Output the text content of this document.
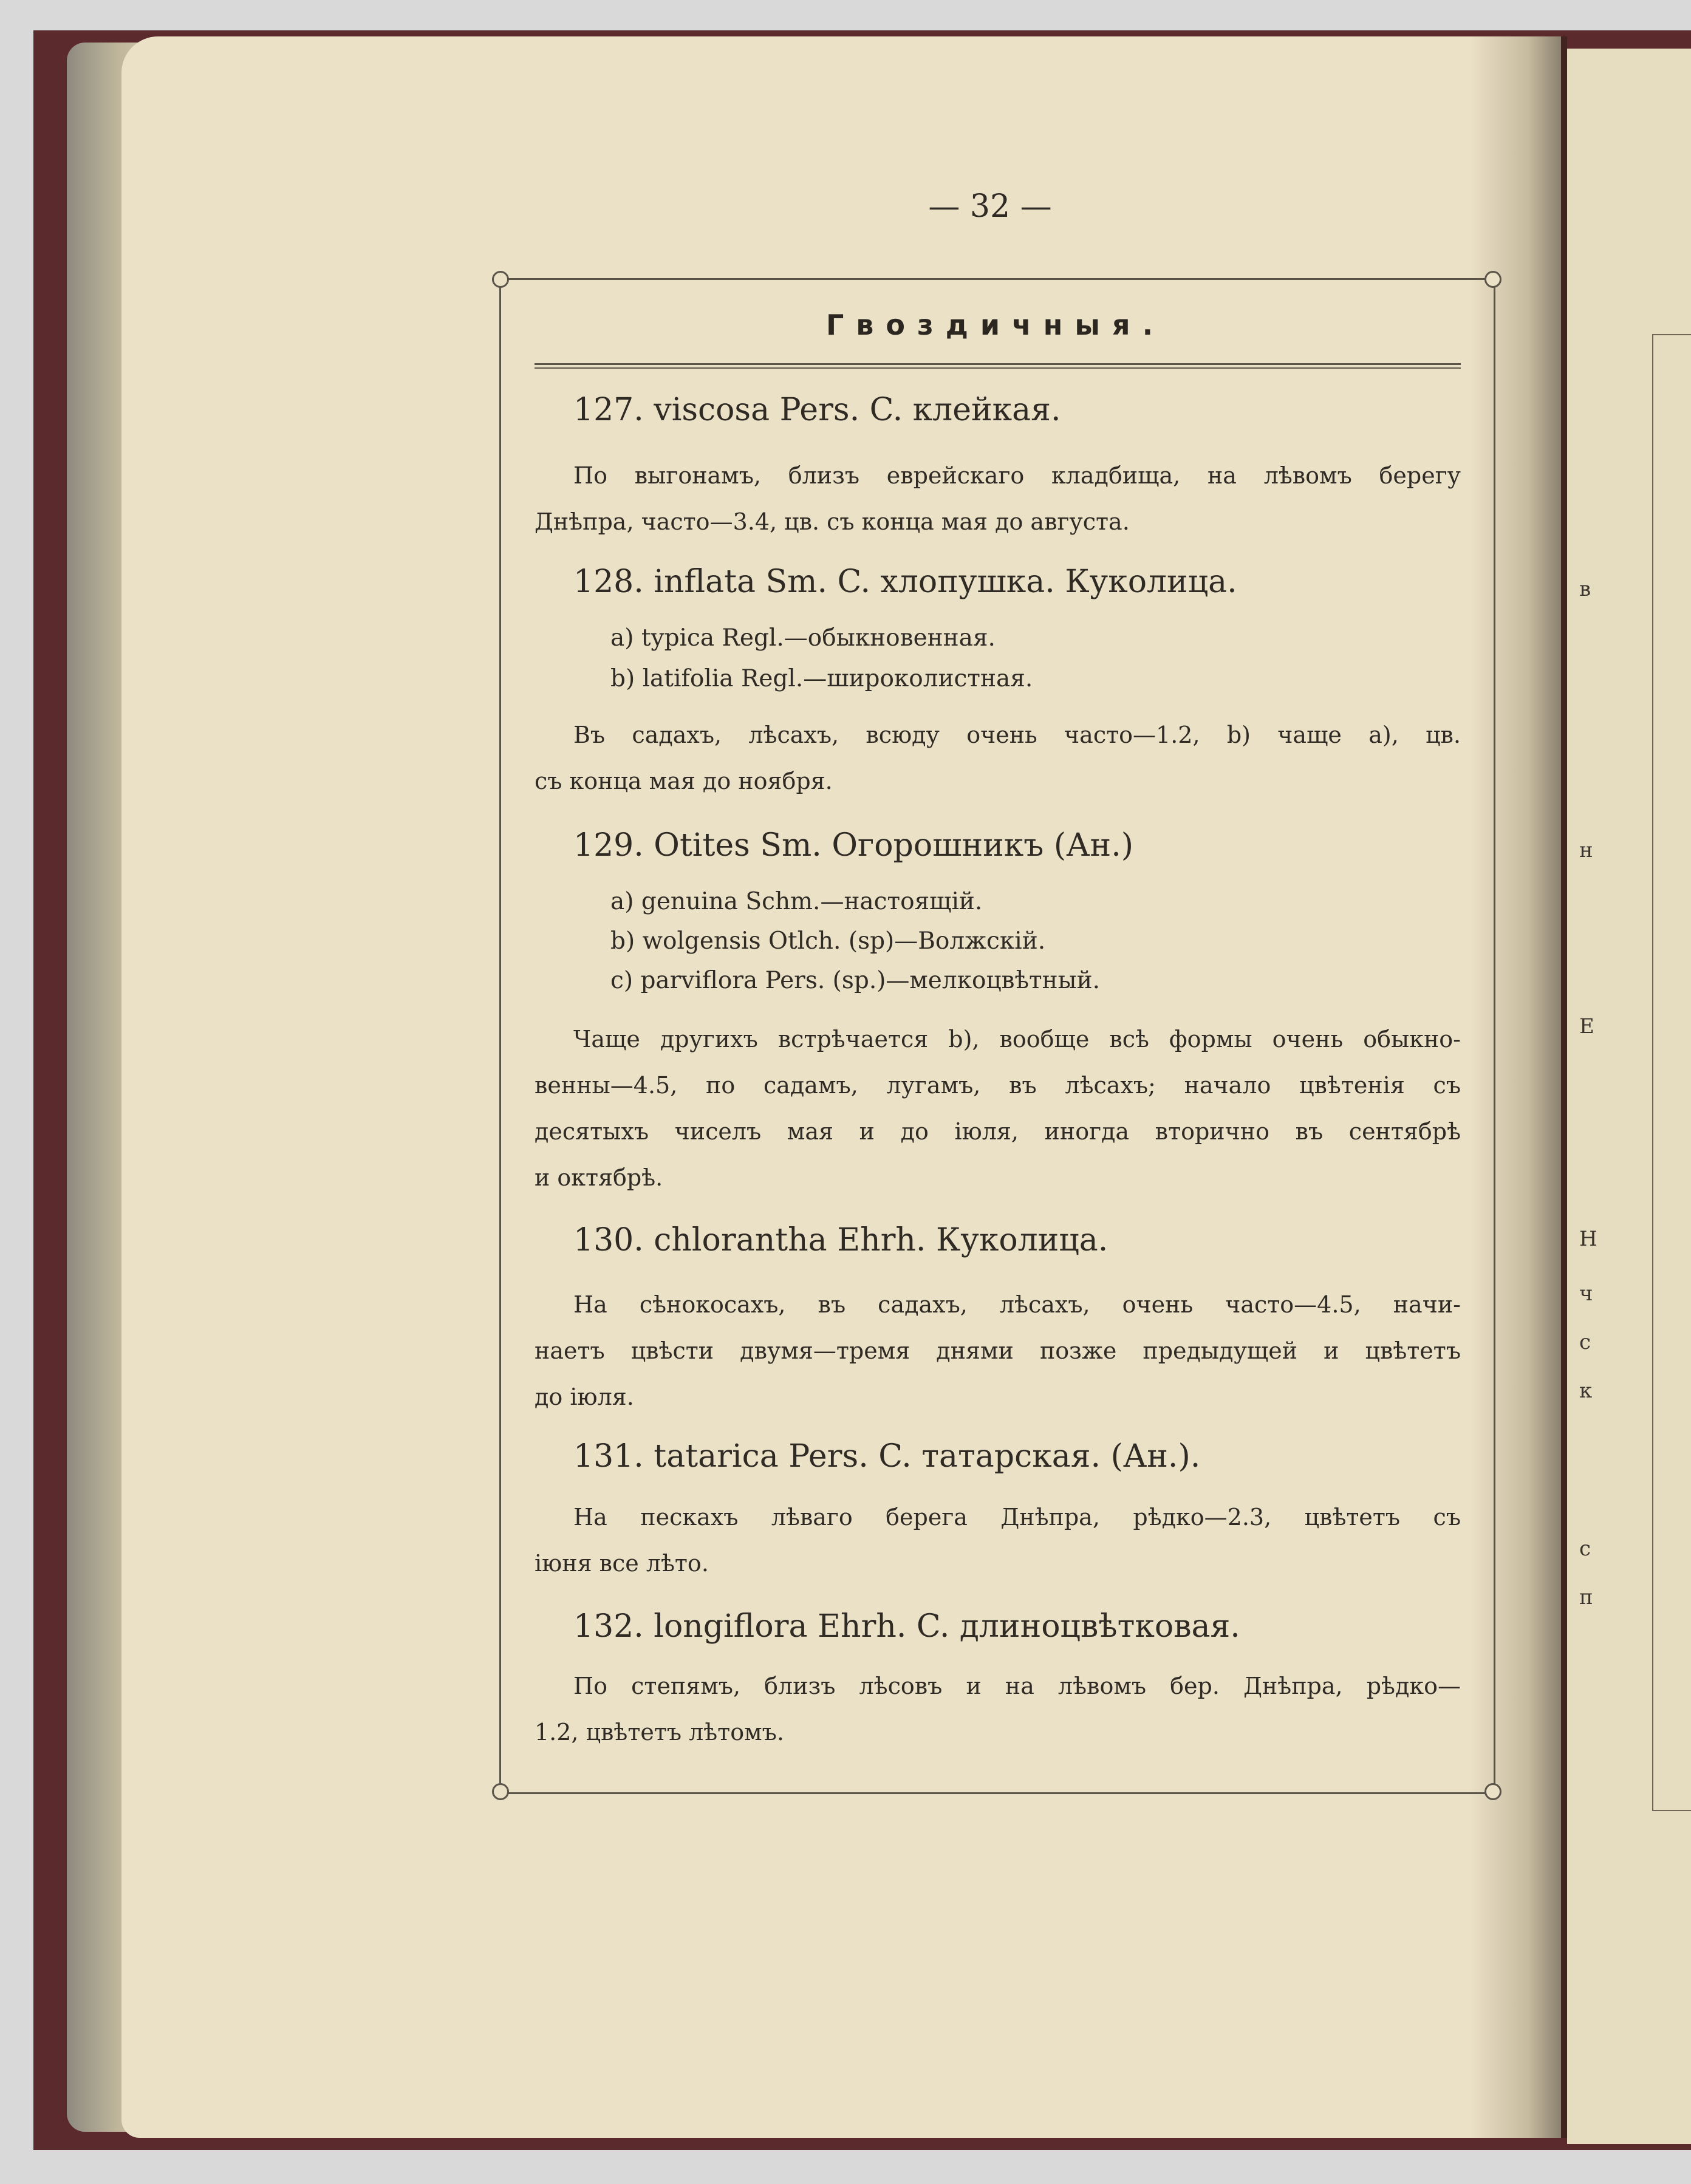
в
н
Е
Н
ч
с
к
с
п
— 32 —
Гвоздичныя.
127. viscosa Pers. C. клейкая.
По выгонамъ, близъ еврейскаго кладбища, на лѣвомъ берегу
Днѣпра, часто—3.4, цв. съ конца мая до августа.
128. inflata Sm. C. хлопушка. Куколица.
a) typica Regl.—обыкновенная.
b) latifolia Regl.—широколистная.
Въ садахъ, лѣсахъ, всюду очень часто—1.2, b) чаще a), цв.
съ конца мая до ноября.
129. Otites Sm. Огорошникъ (Ан.)
a) genuina Schm.—настоящій.
b) wolgensis Otlch. (sp)—Волжскій.
c) parviflora Pers. (sp.)—мелкоцвѣтный.
Чаще другихъ встрѣчается b), вообще всѣ формы очень обыкно-
венны—4.5, по садамъ, лугамъ, въ лѣсахъ; начало цвѣтенія съ
десятыхъ чиселъ мая и до іюля, иногда вторично въ сентябрѣ
и октябрѣ.
130. chlorantha Ehrh. Куколица.
На сѣнокосахъ, въ садахъ, лѣсахъ, очень часто—4.5, начи-
наетъ цвѣсти двумя—тремя днями позже предыдущей и цвѣтетъ
до іюля.
131. tatarica Pers. C. татарская. (Ан.).
На пескахъ лѣваго берега Днѣпра, рѣдко—2.3, цвѣтетъ съ
іюня все лѣто.
132. longiflora Ehrh. C. длиноцвѣтковая.
По степямъ, близъ лѣсовъ и на лѣвомъ бер. Днѣпра, рѣдко—
1.2, цвѣтетъ лѣтомъ.
